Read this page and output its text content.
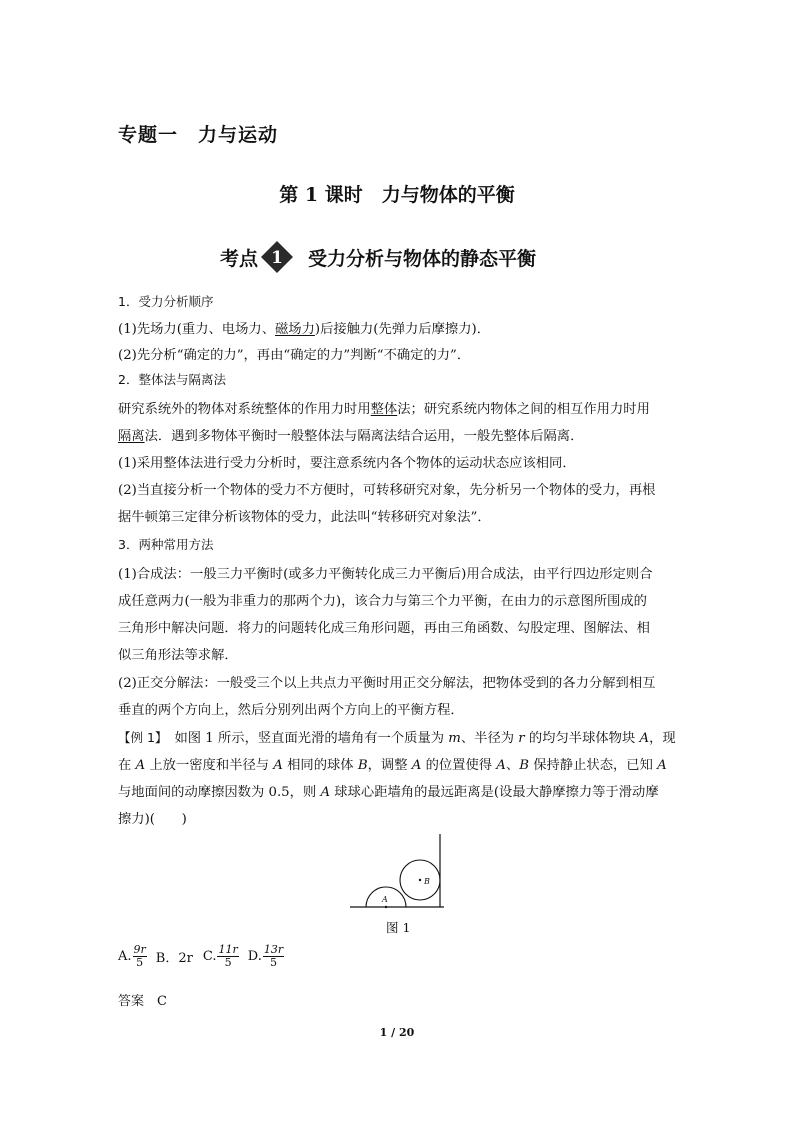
专题一　力与运动
第 1 课时　力与物体的平衡
考点 1 受力分析与物体的静态平衡
1．受力分析顺序
(1)先场力(重力、电场力、磁场力)后接触力(先弹力后摩擦力)．
(2)先分析“确定的力”，再由“确定的力”判断“不确定的力”．
2．整体法与隔离法
研究系统外的物体对系统整体的作用力时用整体法；研究系统内物体之间的相互作用力时用
隔离法．遇到多物体平衡时一般整体法与隔离法结合运用，一般先整体后隔离．
(1)采用整体法进行受力分析时，要注意系统内各个物体的运动状态应该相同．
(2)当直接分析一个物体的受力不方便时，可转移研究对象，先分析另一个物体的受力，再根
据牛顿第三定律分析该物体的受力，此法叫“转移研究对象法”．
3．两种常用方法
(1)合成法：一般三力平衡时(或多力平衡转化成三力平衡后)用合成法，由平行四边形定则合
成任意两力(一般为非重力的那两个力)，该合力与第三个力平衡，在由力的示意图所围成的
三角形中解决问题．将力的问题转化成三角形问题，再由三角函数、勾股定理、图解法、相
似三角形法等求解．
(2)正交分解法：一般受三个以上共点力平衡时用正交分解法，把物体受到的各力分解到相互
垂直的两个方向上，然后分别列出两个方向上的平衡方程．
【例 1】　如图 1 所示，竖直面光滑的墙角有一个质量为 m、半径为 r 的均匀半球体物块 A，现
在 A 上放一密度和半径与 A 相同的球体 B，调整 A 的位置使得 A、B 保持静止状态，已知 A
与地面间的动摩擦因数为 0.5，则 A 球球心距墙角的最远距离是(设最大静摩擦力等于滑动摩
擦力)(　　)
A
B
图 1
A. $\frac{9r}{5}$ B．2r C. $\frac{11r}{5} D$. $\frac{13r}{5}$
答案　C
1 / 20
